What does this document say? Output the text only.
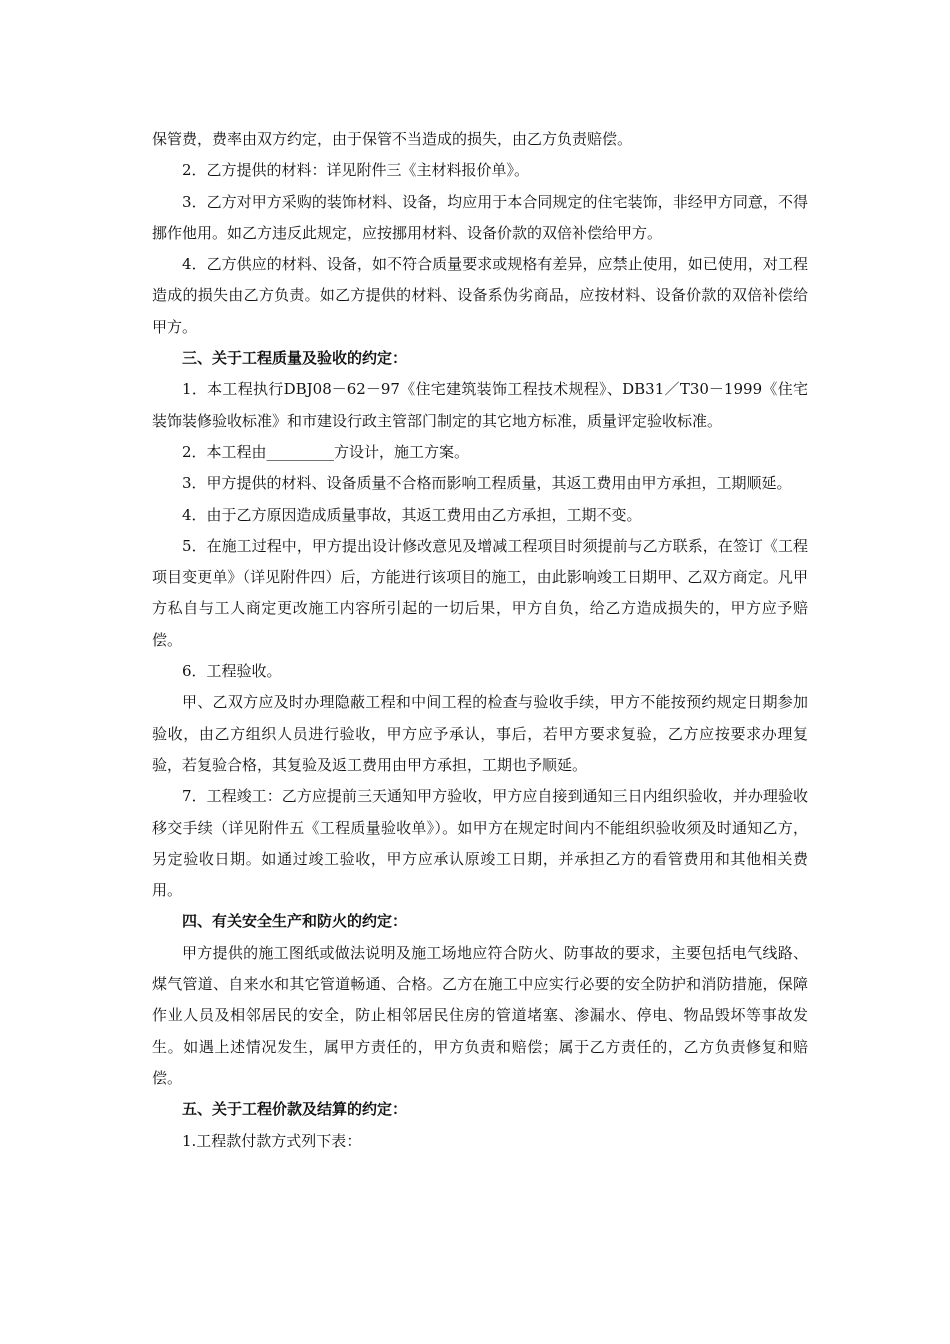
保管费，费率由双方约定，由于保管不当造成的损失，由乙方负责赔偿。

2．乙方提供的材料：详见附件三《主材料报价单》。

3．乙方对甲方采购的装饰材料、设备，均应用于本合同规定的住宅装饰，非经甲方同意，不得挪作他用。如乙方违反此规定，应按挪用材料、设备价款的双倍补偿给甲方。

4．乙方供应的材料、设备，如不符合质量要求或规格有差异，应禁止使用，如已使用，对工程造成的损失由乙方负责。如乙方提供的材料、设备系伪劣商品，应按材料、设备价款的双倍补偿给甲方。

三、关于工程质量及验收的约定：

1．本工程执行DBJ08－62－97《住宅建筑装饰工程技术规程》、DB31／T30－1999《住宅装饰装修验收标准》和市建设行政主管部门制定的其它地方标准，质量评定验收标准。

2．本工程由_________方设计，施工方案。

3．甲方提供的材料、设备质量不合格而影响工程质量，其返工费用由甲方承担，工期顺延。

4．由于乙方原因造成质量事故，其返工费用由乙方承担，工期不变。

5．在施工过程中，甲方提出设计修改意见及增减工程项目时须提前与乙方联系，在签订《工程项目变更单》（详见附件四）后，方能进行该项目的施工，由此影响竣工日期甲、乙双方商定。凡甲方私自与工人商定更改施工内容所引起的一切后果，甲方自负，给乙方造成损失的，甲方应予赔偿。

6．工程验收。

甲、乙双方应及时办理隐蔽工程和中间工程的检查与验收手续，甲方不能按预约规定日期参加验收，由乙方组织人员进行验收，甲方应予承认，事后，若甲方要求复验，乙方应按要求办理复验，若复验合格，其复验及返工费用由甲方承担，工期也予顺延。

7．工程竣工：乙方应提前三天通知甲方验收，甲方应自接到通知三日内组织验收，并办理验收移交手续（详见附件五《工程质量验收单》）。如甲方在规定时间内不能组织验收须及时通知乙方，另定验收日期。如通过竣工验收，甲方应承认原竣工日期，并承担乙方的看管费用和其他相关费用。

四、有关安全生产和防火的约定：

甲方提供的施工图纸或做法说明及施工场地应符合防火、防事故的要求，主要包括电气线路、煤气管道、自来水和其它管道畅通、合格。乙方在施工中应实行必要的安全防护和消防措施，保障作业人员及相邻居民的安全，防止相邻居民住房的管道堵塞、渗漏水、停电、物品毁坏等事故发生。如遇上述情况发生，属甲方责任的，甲方负责和赔偿；属于乙方责任的，乙方负责修复和赔偿。

五、关于工程价款及结算的约定：

1.工程款付款方式列下表：
